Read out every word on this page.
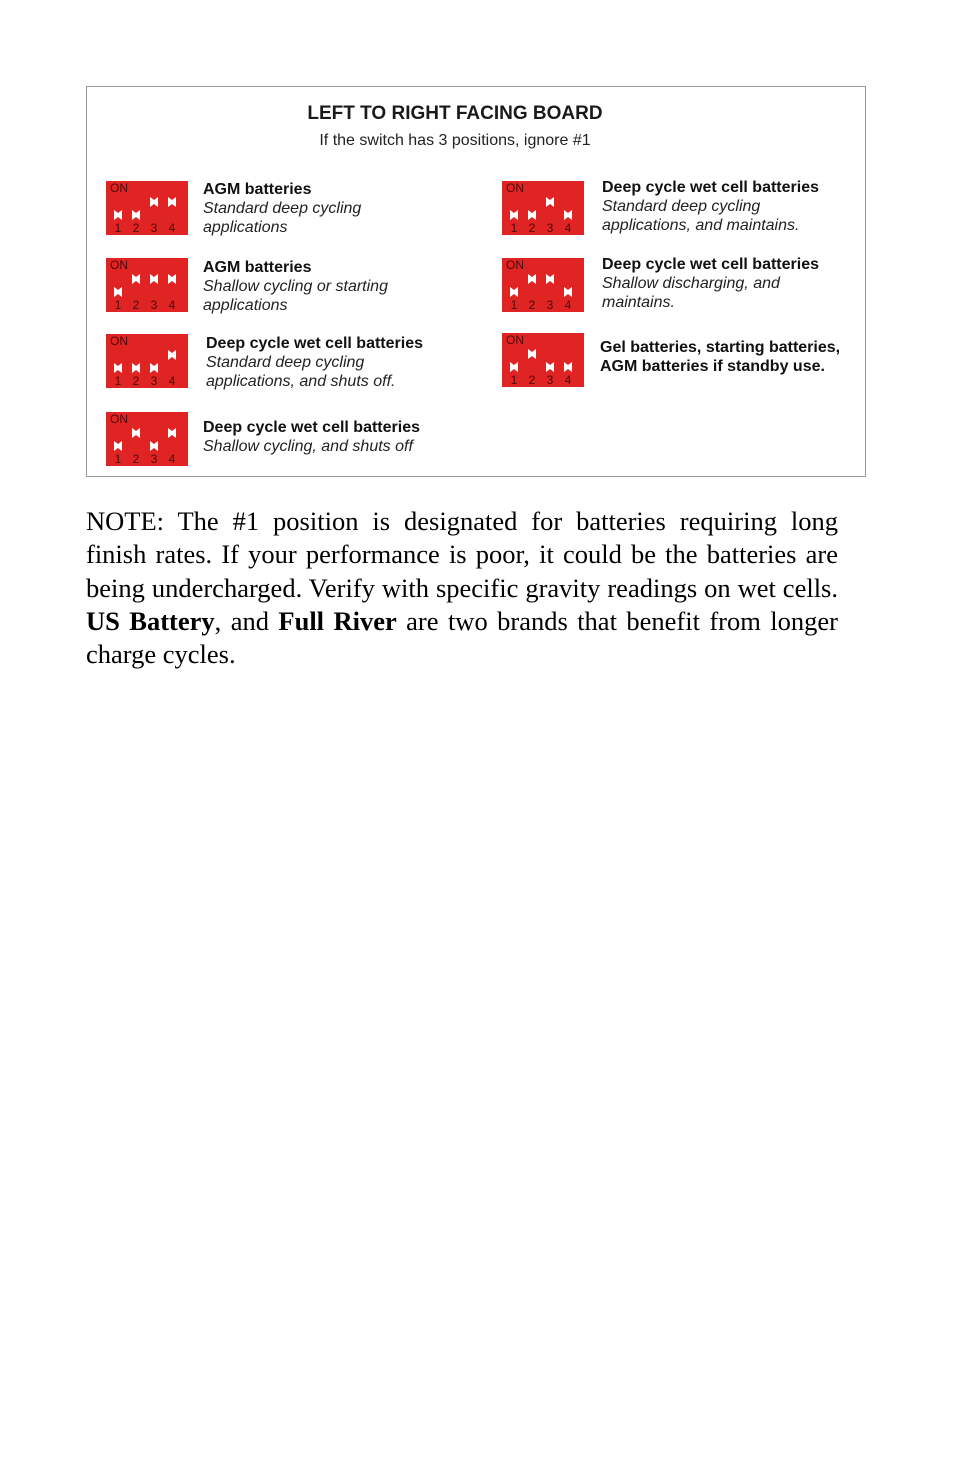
LEFT TO RIGHT FACING BOARD
If the switch has 3 positions, ignore #1
ON
1 2 3 4
AGM batteries
Standard deep cycling
applications
ON
1 2 3 4
AGM batteries
Shallow cycling or starting
applications
ON
1 2 3 4
Deep cycle wet cell batteries
Standard deep cycling
applications, and shuts off.
ON
1 2 3 4
Deep cycle wet cell batteries
Shallow cycling, and shuts off
ON
1 2 3 4
Deep cycle wet cell batteries
Standard deep cycling
applications, and maintains.
ON
1 2 3 4
Deep cycle wet cell batteries
Shallow discharging, and
maintains.
ON
1 2 3 4
Gel batteries, starting batteries,
AGM batteries if standby use.
NOTE: The #1 position is designated for batteries requiring long finish rates. If your performance is poor, it could be the batteries are being undercharged. Verify with specific gravity readings on wet cells. US Battery, and Full River are two brands that benefit from longer charge cycles.
